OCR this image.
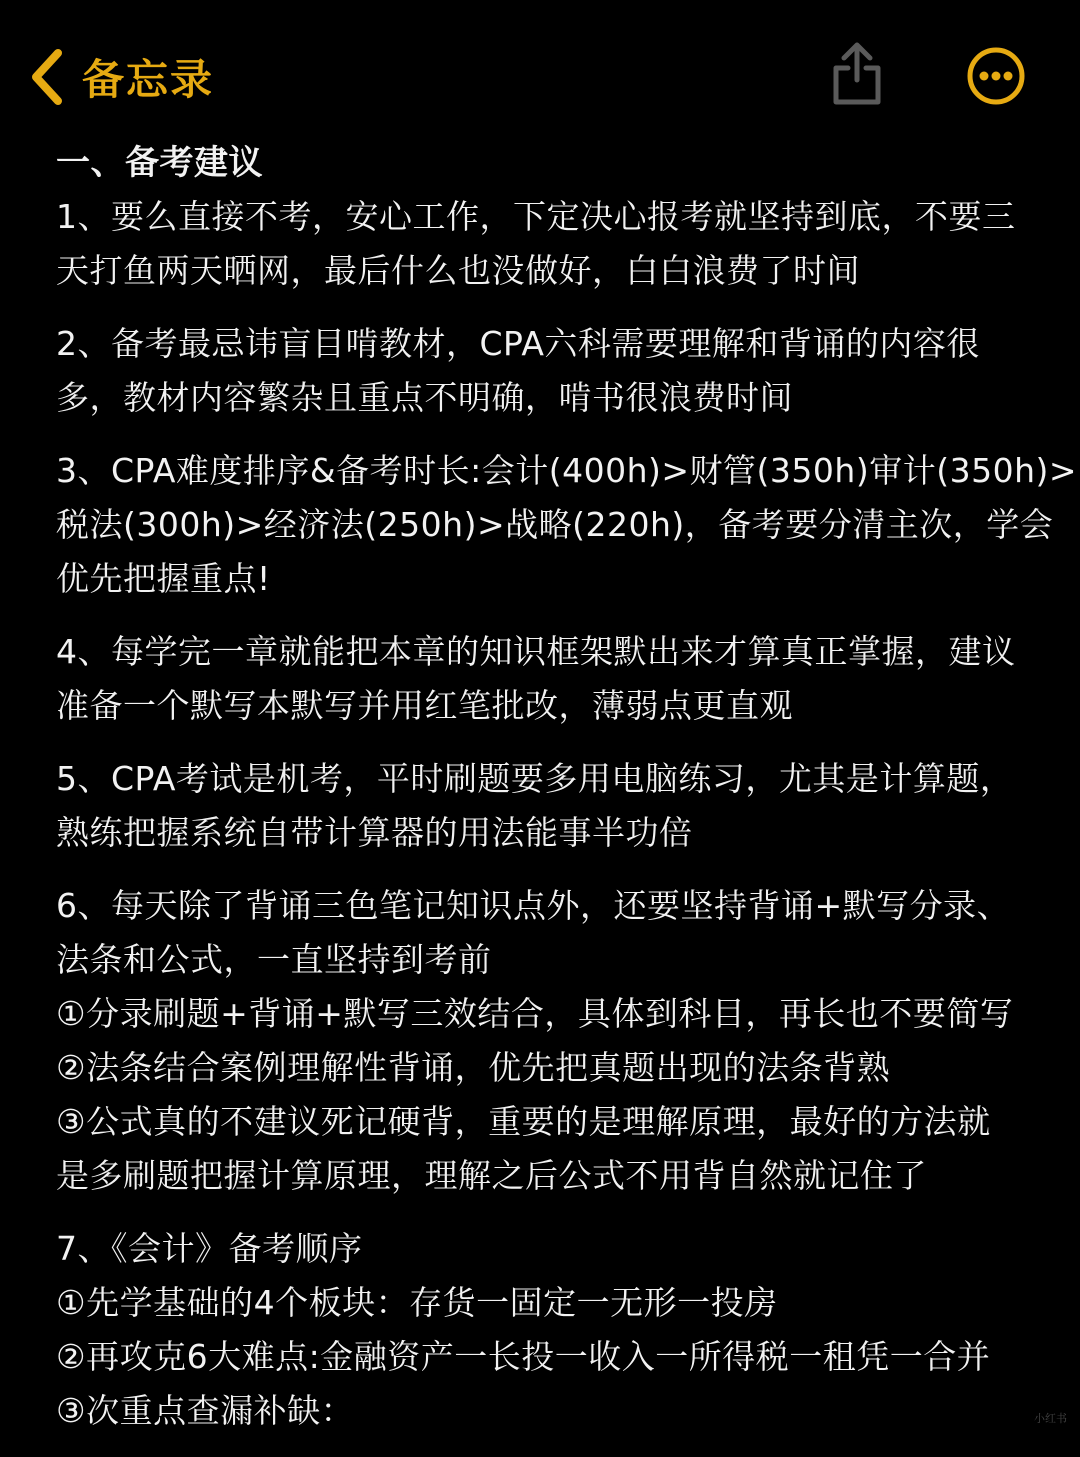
备忘录

一、备考建议

1、要么直接不考，安心工作，下定决心报考就坚持到底，不要三
天打鱼两天晒网，最后什么也没做好，白白浪费了时间
2、备考最忌讳盲目啃教材，CPA六科需要理解和背诵的内容很
多，教材内容繁杂且重点不明确，啃书很浪费时间
3、CPA难度排序&备考时长:会计(400h)>财管(350h)审计(350h)>
税法(300h)>经济法(250h)>战略(220h)，备考要分清主次，学会
优先把握重点!
4、每学完一章就能把本章的知识框架默出来才算真正掌握，建议
准备一个默写本默写并用红笔批改，薄弱点更直观
5、CPA考试是机考，平时刷题要多用电脑练习，尤其是计算题，
熟练把握系统自带计算器的用法能事半功倍
6、每天除了背诵三色笔记知识点外，还要坚持背诵+默写分录、
法条和公式，一直坚持到考前
①分录刷题+背诵+默写三效结合，具体到科目，再长也不要简写
②法条结合案例理解性背诵，优先把真题出现的法条背熟
③公式真的不建议死记硬背，重要的是理解原理，最好的方法就
是多刷题把握计算原理，理解之后公式不用背自然就记住了
7、《会计》备考顺序
①先学基础的4个板块：存货一固定一无形一投房
②再攻克6大难点:金融资产一长投一收入一所得税一租凭一合并
③次重点查漏补缺：	小红书
